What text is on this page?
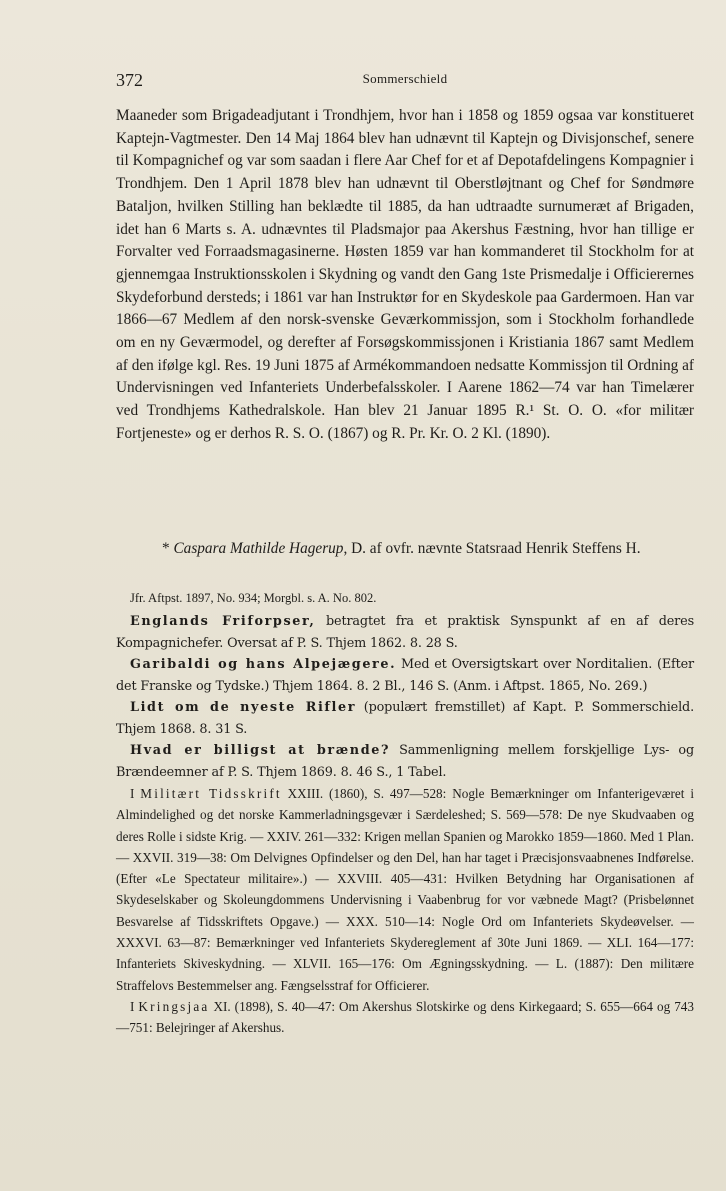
372	Sommerschield

Maaneder som Brigadeadjutant i Trondhjem, hvor han i 1858 og 1859 ogsaa var konstitueret Kaptejn-Vagtmester. Den 14 Maj 1864 blev han udnævnt til Kaptejn og Divisjonschef, senere til Kompagnichef og var som saadan i flere Aar Chef for et af Depotafdelingens Kompagnier i Trondhjem. Den 1 April 1878 blev han udnævnt til Oberstløjtnant og Chef for Søndmøre Bataljon, hvilken Stilling han beklædte til 1885, da han udtraadte surnumeræt af Brigaden, idet han 6 Marts s. A. udnævntes til Pladsmajor paa Akershus Fæstning, hvor han tillige er Forvalter ved Forraadsmagasinerne. Høsten 1859 var han kommanderet til Stockholm for at gjennemgaa Instruktionsskolen i Skydning og vandt den Gang 1ste Prismedalje i Officierernes Skydeforbund dersteds; i 1861 var han Instruktør for en Skydeskole paa Gardermoen. Han var 1866—67 Medlem af den norsk-svenske Geværkommissjon, som i Stockholm forhandlede om en ny Geværmodel, og derefter af Forsøgskommissjonen i Kristiania 1867 samt Medlem af den ifølge kgl. Res. 19 Juni 1875 af Armékommandoen nedsatte Kommissjon til Ordning af Undervisningen ved Infanteriets Underbefalsskoler. I Aarene 1862—74 var han Timelærer ved Trondhjems Kathedralskole. Han blev 21 Januar 1895 R.¹ St. O. O. «for militær Fortjeneste» og er derhos R. S. O. (1867) og R. Pr. Kr. O. 2 Kl. (1890).

* Caspara Mathilde Hagerup, D. af ovfr. nævnte Statsraad Henrik Steffens H.

Jfr. Aftpst. 1897, No. 934; Morgbl. s. A. No. 802.

Englands Friforpser, betragtet fra et praktisk Synspunkt af en af deres Kompagnichefer. Oversat af P. S. Thjem 1862. 8. 28 S.

Garibaldi og hans Alpejægere. Med et Oversigtskart over Norditalien. (Efter det Franske og Tydske.) Thjem 1864. 8. 2 Bl., 146 S. (Anm. i Aftpst. 1865, No. 269.)

Lidt om de nyeste Rifler (populært fremstillet) af Kapt. P. Sommerschield. Thjem 1868. 8. 31 S.

Hvad er billigst at brænde? Sammenligning mellem forskjellige Lys- og Brændeemner af P. S. Thjem 1869. 8. 46 S., 1 Tabel.

I Militært Tidsskrift XXIII. (1860), S. 497—528: Nogle Bemærkninger om Infanterigeværet i Almindelighed og det norske Kammerladningsgevær i Særdeleshed; S. 569—578: De nye Skudvaaben og deres Rolle i sidste Krig. — XXIV. 261—332: Krigen mellan Spanien og Marokko 1859—1860. Med 1 Plan. — XXVII. 319—38: Om Delvignes Opfindelser og den Del, han har taget i Præcisjonsvaabnenes Indførelse. (Efter «Le Spectateur militaire».) — XXVIII. 405—431: Hvilken Betydning har Organisationen af Skydeselskaber og Skoleungdommens Undervisning i Vaabenbrug for vor væbnede Magt? (Prisbelønnet Besvarelse af Tidsskriftets Opgave.) — XXX. 510—14: Nogle Ord om Infanteriets Skydeøvelser. — XXXVI. 63—87: Bemærkninger ved Infanteriets Skydereglement af 30te Juni 1869. — XLI. 164—177: Infanteriets Skiveskydning. — XLVII. 165—176: Om Ægningsskydning. — L. (1887): Den militære Straffelovs Bestemmelser ang. Fængselsstraf for Officierer.

I Kringsjaa XI. (1898), S. 40—47: Om Akershus Slotskirke og dens Kirkegaard; S. 655—664 og 743—751: Belejringer af Akershus.
